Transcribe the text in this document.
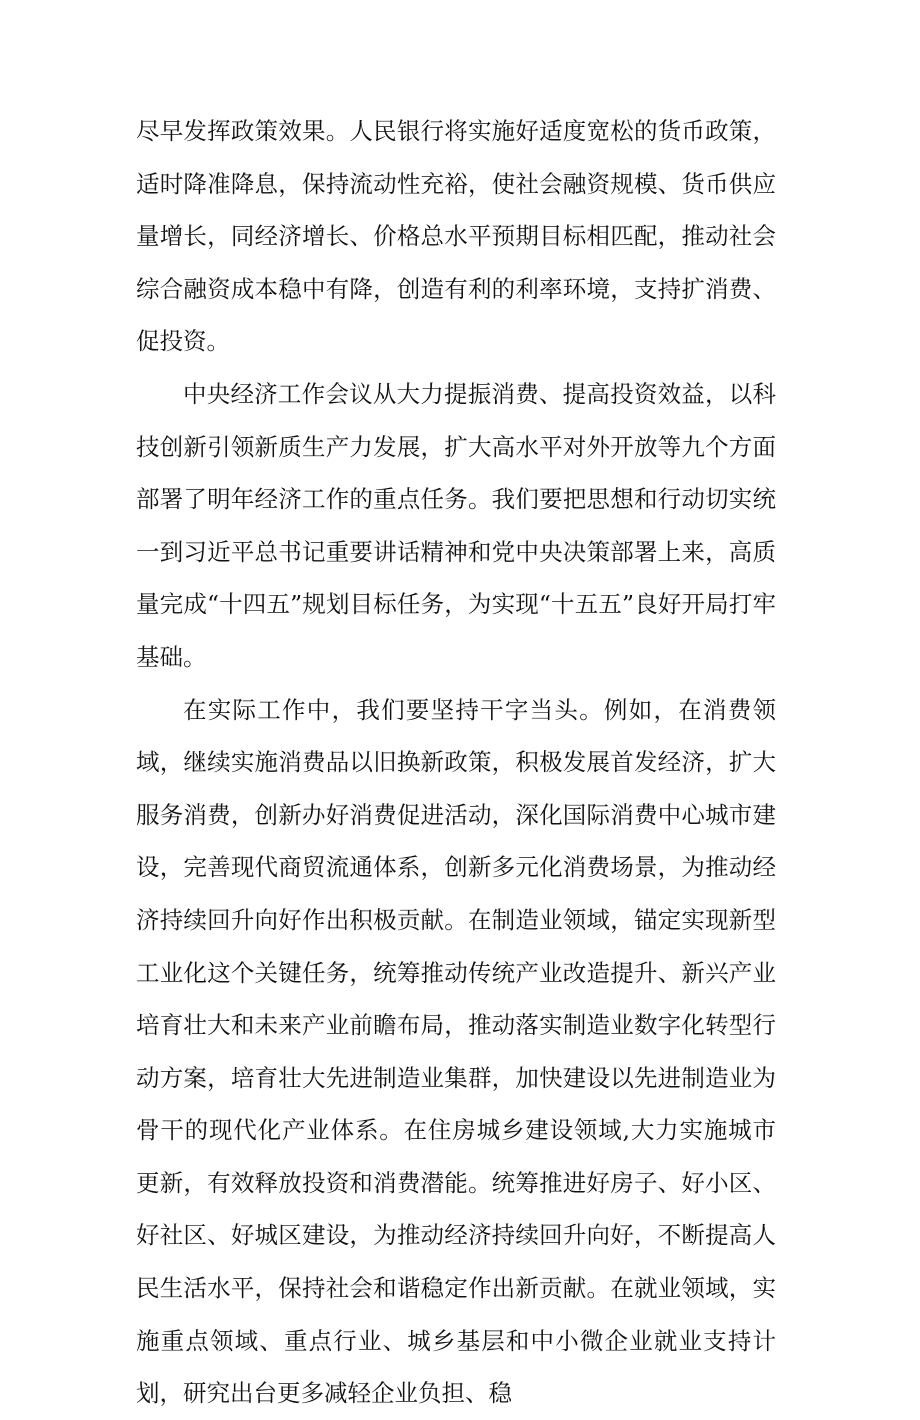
尽早发挥政策效果。人民银行将实施好适度宽松的货币政策，适时降准降息，保持流动性充裕，使社会融资规模、货币供应量增长，同经济增长、价格总水平预期目标相匹配，推动社会综合融资成本稳中有降，创造有利的利率环境，支持扩消费、促投资。

中央经济工作会议从大力提振消费、提高投资效益，以科技创新引领新质生产力发展，扩大高水平对外开放等九个方面部署了明年经济工作的重点任务。我们要把思想和行动切实统一到习近平总书记重要讲话精神和党中央决策部署上来，高质量完成“十四五”规划目标任务，为实现“十五五”良好开局打牢基础。

在实际工作中，我们要坚持干字当头。例如，在消费领域，继续实施消费品以旧换新政策，积极发展首发经济，扩大服务消费，创新办好消费促进活动，深化国际消费中心城市建设，完善现代商贸流通体系，创新多元化消费场景，为推动经济持续回升向好作出积极贡献。在制造业领域，锚定实现新型工业化这个关键任务，统筹推动传统产业改造提升、新兴产业培育壮大和未来产业前瞻布局，推动落实制造业数字化转型行动方案，培育壮大先进制造业集群，加快建设以先进制造业为骨干的现代化产业体系。在住房城乡建设领域,大力实施城市更新，有效释放投资和消费潜能。统筹推进好房子、好小区、好社区、好城区建设，为推动经济持续回升向好，不断提高人民生活水平，保持社会和谐稳定作出新贡献。在就业领域，实施重点领域、重点行业、城乡基层和中小微企业就业支持计划，研究出台更多减轻企业负担、稳
